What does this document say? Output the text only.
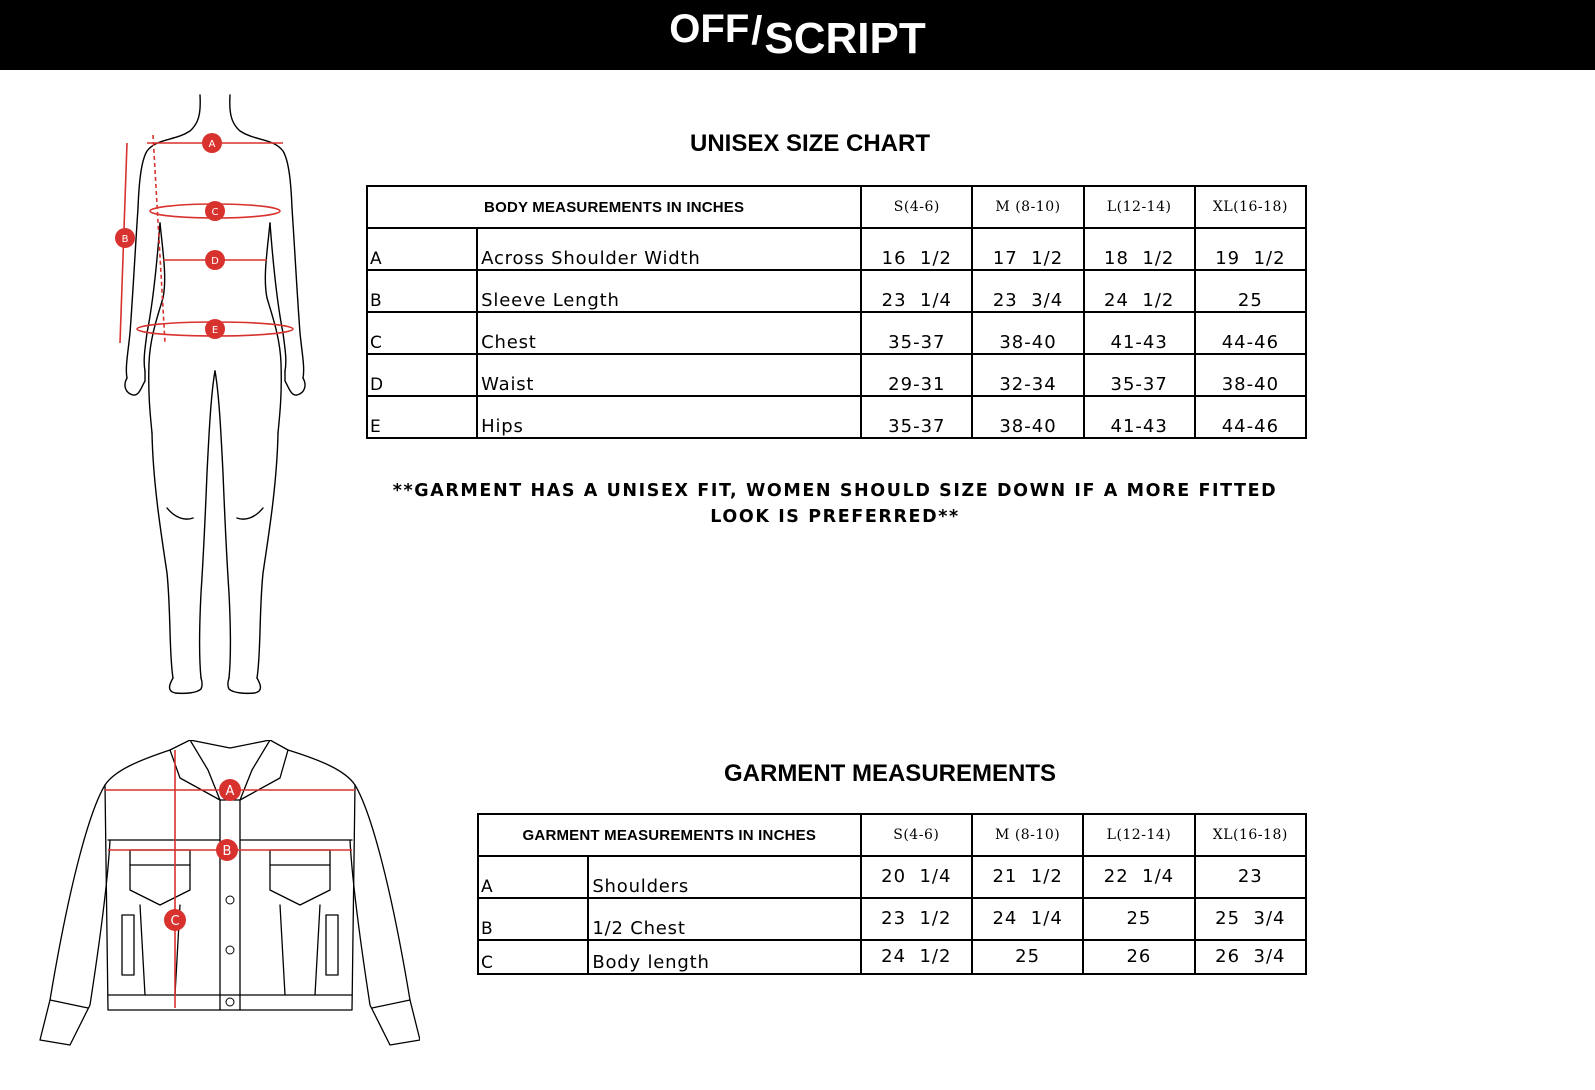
OFF / SCRIPT
A
B
C
D
E
UNISEX SIZE CHART
BODY MEASUREMENTS IN INCHES		S(4-6)	M (8-10)	L(12-14)	XL(16-18)
A	Across Shoulder Width	16  1/2	17  1/2	18  1/2	19  1/2
B	Sleeve Length	23  1/4	23  3/4	24  1/2	25
C	Chest	35-37	38-40	41-43	44-46
D	Waist	29-31	32-34	35-37	38-40
E	Hips	35-37	38-40	41-43	44-46
**GARMENT HAS A UNISEX FIT, WOMEN SHOULD SIZE DOWN IF A MORE FITTED
LOOK IS PREFERRED**
A
B
C
GARMENT MEASUREMENTS
GARMENT MEASUREMENTS IN INCHES		S(4-6)	M (8-10)	L(12-14)	XL(16-18)
A	Shoulders	20  1/4	21  1/2	22  1/4	23
B	1/2 Chest	23  1/2	24  1/4	25	25  3/4
C	Body length	24  1/2	25	26	26  3/4
